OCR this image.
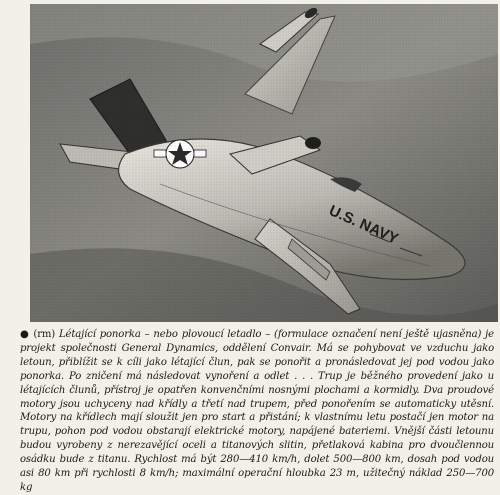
● (rm) Létající ponorka – nebo plovoucí letadlo – (formulace označení není ještě ujasněna) je projekt společnosti General Dynamics, oddělení Convair. Má se pohybovat ve vzduchu jako letoun, přiblížit se k cíli jako létající člun, pak se ponořit a pronásledovat jej pod vodou jako ponorka. Po zničení má následovat vynoření a odlet . . . Trup je běžného provedení jako u létajících člunů, přístroj je opatřen konvenčními nosnými plochami a kormidly. Dva proudové motory jsou uchyceny nad křídly a třetí nad trupem, před ponořením se automaticky utěsní. Motory na křídlech mají sloužit jen pro start a přistání; k vlastnímu letu postačí jen motor na trupu, pohon pod vodou obstarají elektrické motory, napájené bateriemi. Vnější části letounu budou vyrobeny z nerezavějící oceli a titanových slitin, přetlaková kabina pro dvoučlennou osádku bude z titanu. Rychlost má být 280—410 km/h, dolet 500—800 km, dosah pod vodou asi 80 km při rychlosti 8 km/h; maximální operační hloubka 23 m, užitečný náklad 250—700 kg
